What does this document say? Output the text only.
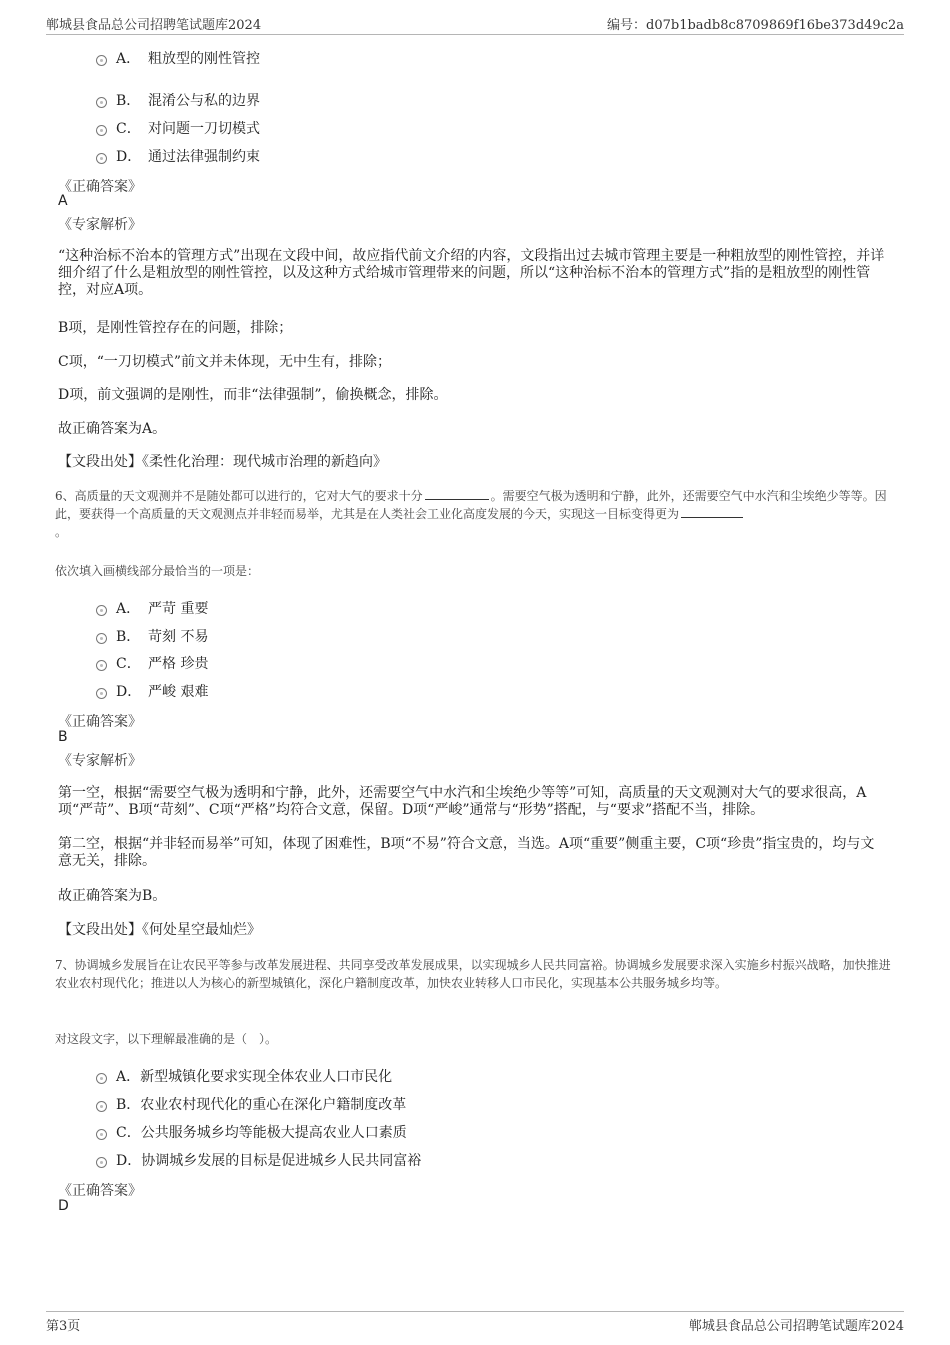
郸城县食品总公司招聘笔试题库2024	编号：d07b1badb8c8709869f16be373d49c2a
A． 粗放型的刚性管控
B． 混淆公与私的边界
C． 对问题一刀切模式
D． 通过法律强制约束
《正确答案》
A
《专家解析》
“这种治标不治本的管理方式”出现在文段中间，故应指代前文介绍的内容，文段指出过去城市管理主要是一种粗放型的刚性管控，并详细介绍了什么是粗放型的刚性管控，以及这种方式给城市管理带来的问题，所以“这种治标不治本的管理方式”指的是粗放型的刚性管控，对应A项。
B项，是刚性管控存在的问题，排除；
C项，“一刀切模式”前文并未体现，无中生有，排除；
D项，前文强调的是刚性，而非“法律强制”，偷换概念，排除。
故正确答案为A。
【文段出处】《柔性化治理：现代城市治理的新趋向》
6、高质量的天文观测并不是随处都可以进行的，它对大气的要求十分	。需要空气极为透明和宁静，此外，还需要空气中水汽和尘埃绝少等等。因此，要获得一个高质量的天文观测点并非轻而易举，尤其是在人类社会工业化高度发展的今天，实现这一目标变得更为
。
依次填入画横线部分最恰当的一项是：
A． 严苛 重要
B． 苛刻 不易
C． 严格 珍贵
D． 严峻 艰难
《正确答案》
B
《专家解析》
第一空，根据“需要空气极为透明和宁静，此外，还需要空气中水汽和尘埃绝少等等”可知，高质量的天文观测对大气的要求很高，A项“严苛”、B项“苛刻”、C项“严格”均符合文意，保留。D项“严峻”通常与“形势”搭配，与“要求”搭配不当，排除。
第二空，根据“并非轻而易举”可知，体现了困难性，B项“不易”符合文意，当选。A项“重要”侧重主要，C项“珍贵”指宝贵的，均与文意无关，排除。
故正确答案为B。
【文段出处】《何处星空最灿烂》
7、协调城乡发展旨在让农民平等参与改革发展进程、共同享受改革发展成果，以实现城乡人民共同富裕。协调城乡发展要求深入实施乡村振兴战略，加快推进农业农村现代化；推进以人为核心的新型城镇化，深化户籍制度改革，加快农业转移人口市民化，实现基本公共服务城乡均等。
对这段文字，以下理解最准确的是（　）。
A． 新型城镇化要求实现全体农业人口市民化
B． 农业农村现代化的重心在深化户籍制度改革
C． 公共服务城乡均等能极大提高农业人口素质
D． 协调城乡发展的目标是促进城乡人民共同富裕
《正确答案》
D
第3页	郸城县食品总公司招聘笔试题库2024
